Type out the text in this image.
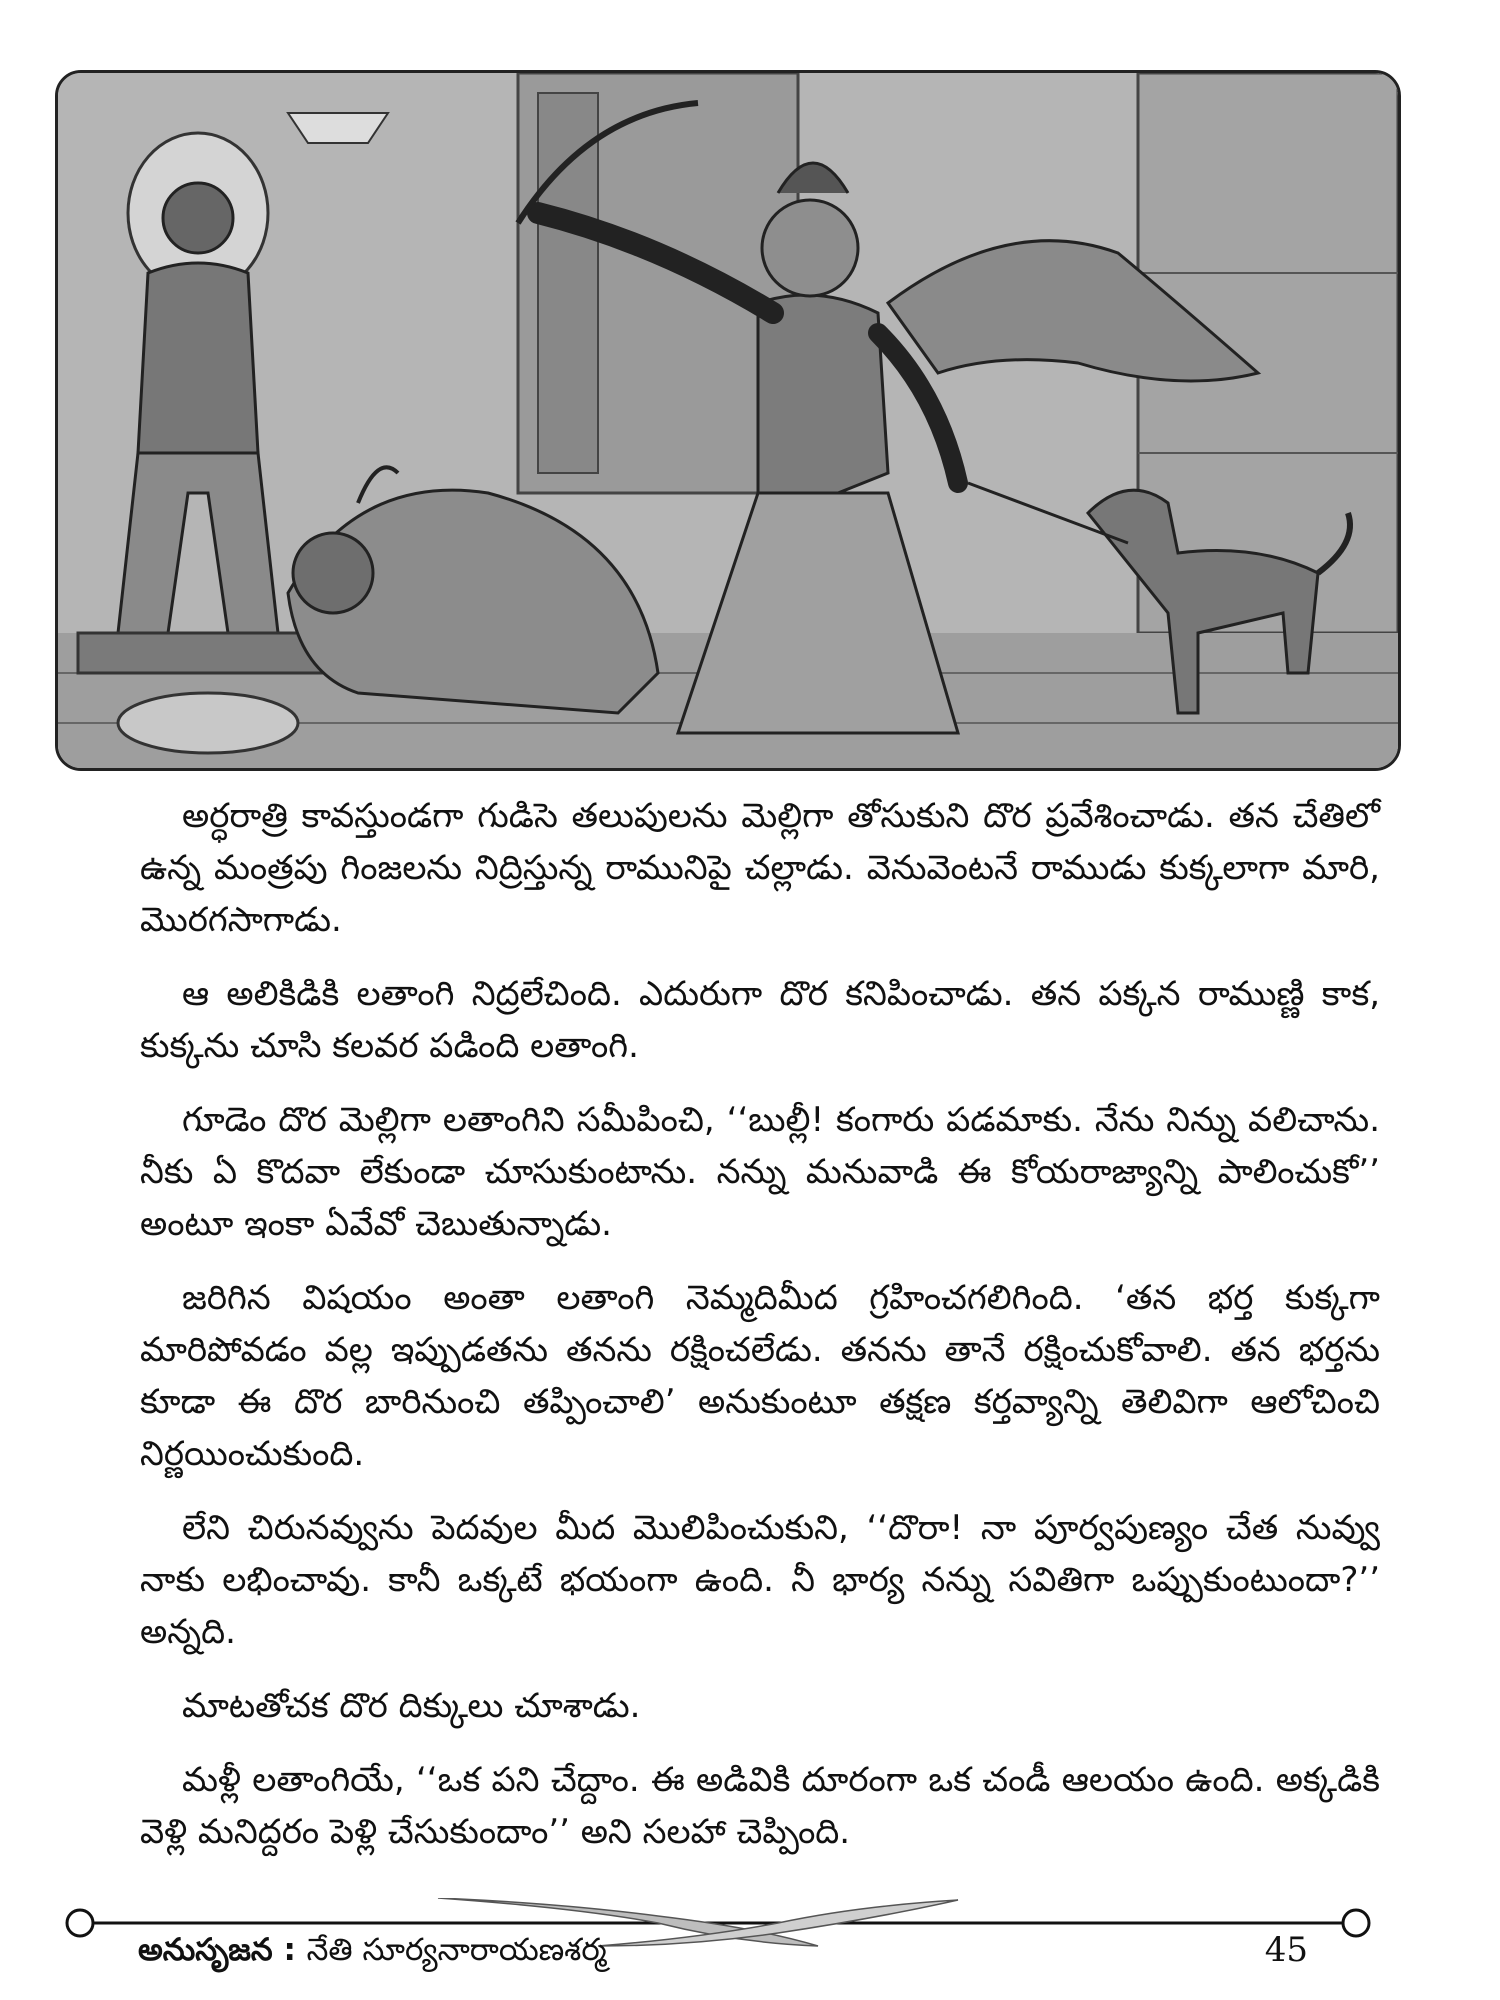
అర్ధరాత్రి కావస్తుండగా గుడిసె తలుపులను మెల్లిగా తోసుకుని దొర ప్రవేశించాడు. తన చేతిలో ఉన్న మంత్రపు గింజలను నిద్రిస్తున్న రామునిపై చల్లాడు. వెనువెంటనే రాముడు కుక్కలాగా మారి, మొరగసాగాడు.

ఆ అలికిడికి లతాంగి నిద్రలేచింది. ఎదురుగా దొర కనిపించాడు. తన పక్కన రాముణ్ణి కాక, కుక్కను చూసి కలవర పడింది లతాంగి.

గూడెం దొర మెల్లిగా లతాంగిని సమీపించి, ‘‘బుల్లీ! కంగారు పడమాకు. నేను నిన్ను వలిచాను. నీకు ఏ కొదవా లేకుండా చూసుకుంటాను. నన్ను మనువాడి ఈ కోయరాజ్యాన్ని పాలించుకో’’ అంటూ ఇంకా ఏవేవో చెబుతున్నాడు.

జరిగిన విషయం అంతా లతాంగి నెమ్మదిమీద గ్రహించగలిగింది. ‘తన భర్త కుక్కగా మారిపోవడం వల్ల ఇప్పుడతను తనను రక్షించలేడు. తనను తానే రక్షించుకోవాలి. తన భర్తను కూడా ఈ దొర బారినుంచి తప్పించాలి’ అనుకుంటూ తక్షణ కర్తవ్యాన్ని తెలివిగా ఆలోచించి నిర్ణయించుకుంది.

లేని చిరునవ్వును పెదవుల మీద మొలిపించుకుని, ‘‘దొరా! నా పూర్వపుణ్యం చేత నువ్వు నాకు లభించావు. కానీ ఒక్కటే భయంగా ఉంది. నీ భార్య నన్ను సవితిగా ఒప్పుకుంటుందా?’’ అన్నది.

మాటతోచక దొర దిక్కులు చూశాడు.

మళ్లీ లతాంగియే, ‘‘ఒక పని చేద్దాం. ఈ అడివికి దూరంగా ఒక చండీ ఆలయం ఉంది. అక్కడికి వెళ్లి మనిద్దరం పెళ్లి చేసుకుందాం’’ అని సలహా చెప్పింది.

అనుసృజన : నేతి సూర్యనారాయణశర్మ	45
